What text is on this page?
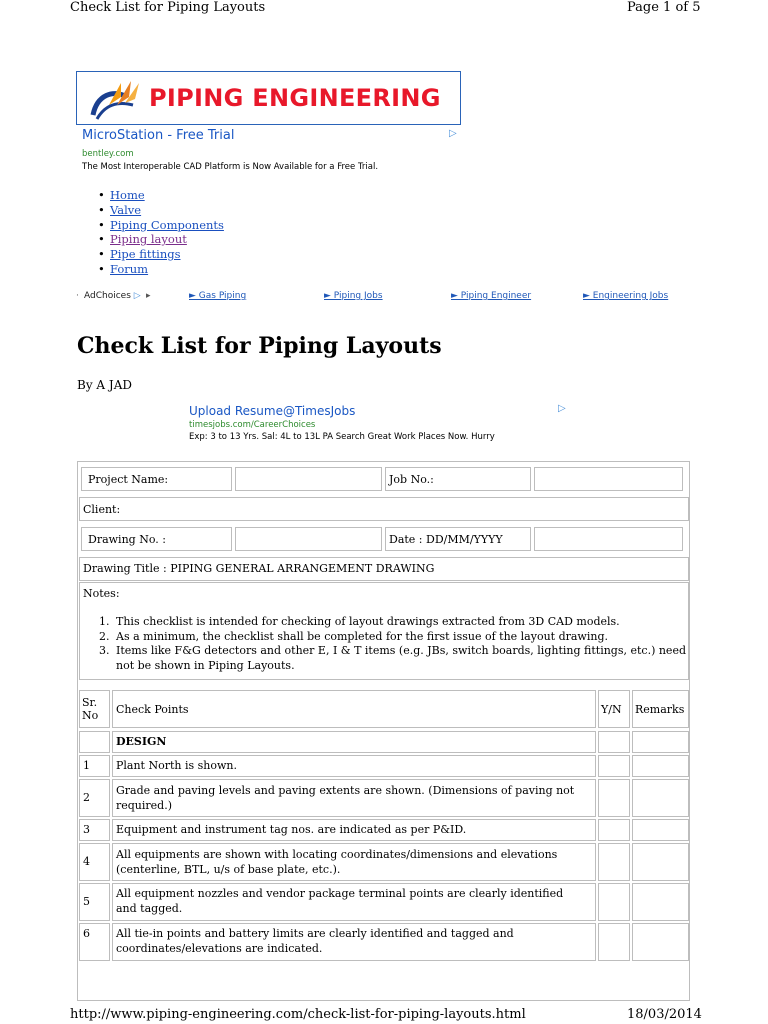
Check List for Piping Layouts	Page 1 of 5
PIPING ENGINEERING
MicroStation - Free Trial	▷
bentley.com
The Most Interoperable CAD Platform is Now Available for a Free Trial.
• Home
• Valve
• Piping Components
• Piping layout
• Pipe fittings
• Forum
· AdChoices ▷ ▸	► Gas Piping	► Piping Jobs	► Piping Engineer	► Engineering Jobs
Check List for Piping Layouts
By A JAD
Upload Resume@TimesJobs	▷
timesjobs.com/CareerChoices
Exp: 3 to 13 Yrs. Sal: 4L to 13L PA Search Great Work Places Now. Hurry
Project Name:	Job No.:
Client:
Drawing No. :	Date : DD/MM/YYYY
Drawing Title : PIPING GENERAL ARRANGEMENT DRAWING
Notes:
1. This checklist is intended for checking of layout drawings extracted from 3D CAD models.
2. As a minimum, the checklist shall be completed for the first issue of the layout drawing.
3. Items like F&G detectors and other E, I & T items (e.g. JBs, switch boards, lighting fittings, etc.) need not be shown in Piping Layouts.
Sr. No	Check Points	Y/N Remarks
DESIGN
1 Plant North is shown.
2
Grade and paving levels and paving extents are shown. (Dimensions of paving not required.)
3 Equipment and instrument tag nos. are indicated as per P&ID.
4
All equipments are shown with locating coordinates/dimensions and elevations (centerline, BTL, u/s of base plate, etc.).
5
All equipment nozzles and vendor package terminal points are clearly identified and tagged.
6 All tie-in points and battery limits are clearly identified and tagged and coordinates/elevations are indicated.
http://www.piping-engineering.com/check-list-for-piping-layouts.html	18/03/2014
